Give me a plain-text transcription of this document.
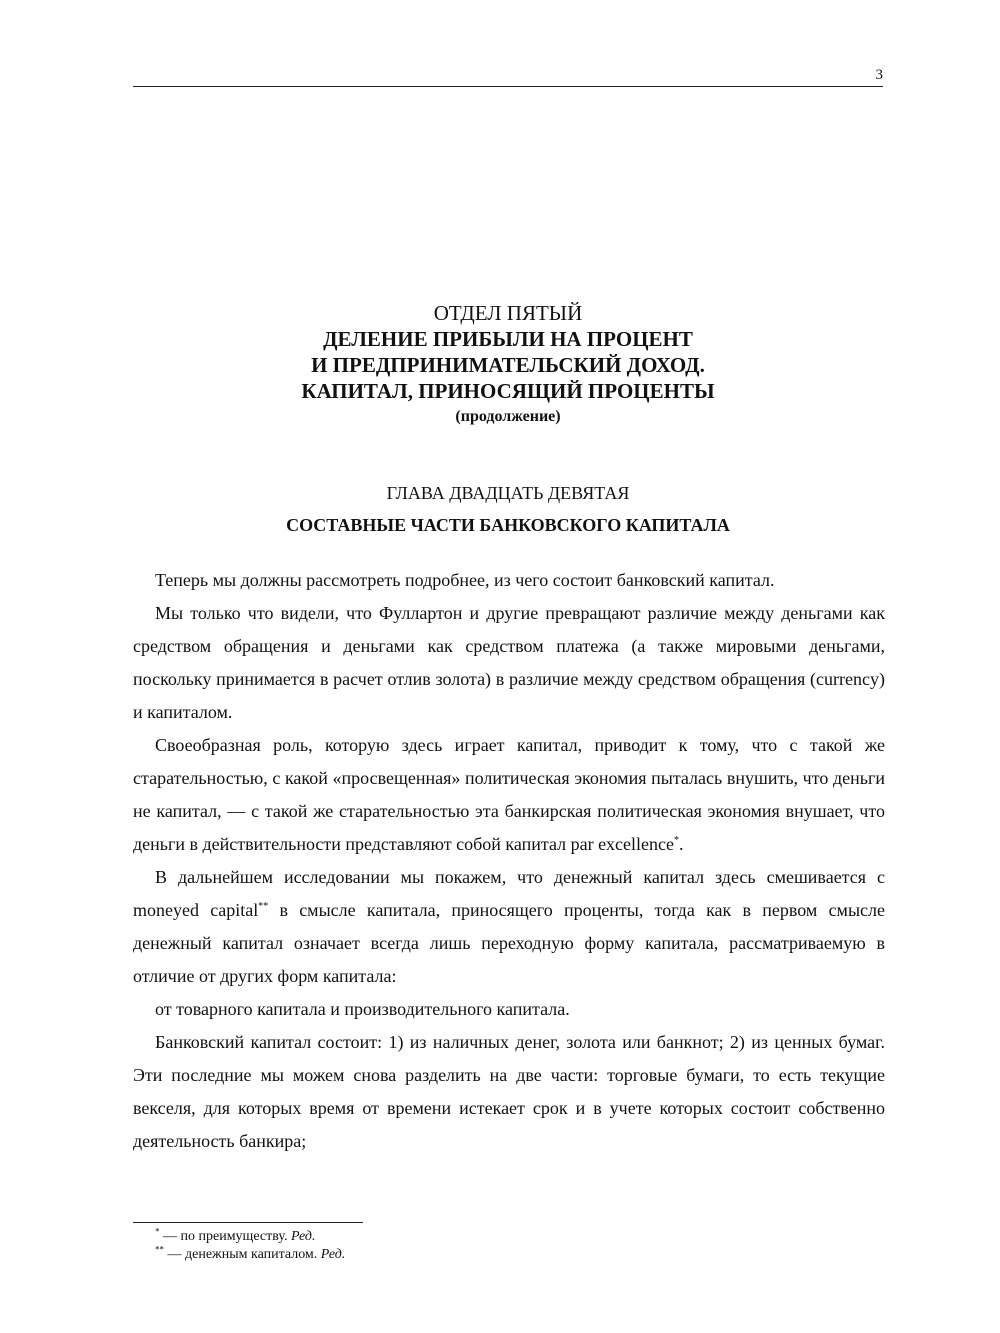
3
ОТДЕЛ ПЯТЫЙ
ДЕЛЕНИЕ ПРИБЫЛИ НА ПРОЦЕНТ
И ПРЕДПРИНИМАТЕЛЬСКИЙ ДОХОД.
КАПИТАЛ, ПРИНОСЯЩИЙ ПРОЦЕНТЫ
(продолжение)
ГЛАВА ДВАДЦАТЬ ДЕВЯТАЯ
СОСТАВНЫЕ ЧАСТИ БАНКОВСКОГО КАПИТАЛА

Теперь мы должны рассмотреть подробнее, из чего состоит банковский капитал.

Мы только что видели, что Фуллартон и другие превращают различие между деньгами как средством обращения и деньгами как средством платежа (а также мировыми деньгами, поскольку принимается в расчет отлив золота) в различие между средством обращения (currency) и капиталом.

Своеобразная роль, которую здесь играет капитал, приводит к тому, что с такой же старательностью, с какой «просвещенная» политическая экономия пыталась внушить, что деньги не капитал, — с такой же старательностью эта банкирская политическая экономия внушает, что деньги в действительности представляют собой капитал par excellence*.

В дальнейшем исследовании мы покажем, что денежный капитал здесь смешивается с moneyed capital** в смысле капитала, приносящего проценты, тогда как в первом смысле денежный капитал означает всегда лишь переходную форму капитала, рассматриваемую в отличие от других форм капитала:

от товарного капитала и производительного капитала.

Банковский капитал состоит: 1) из наличных денег, золота или банкнот; 2) из ценных бумаг. Эти последние мы можем снова разделить на две части: торговые бумаги, то есть текущие векселя, для которых время от времени истекает срок и в учете которых состоит собственно деятельность банкира;

* — по преимуществу. Ред.
** — денежным капиталом. Ред.
